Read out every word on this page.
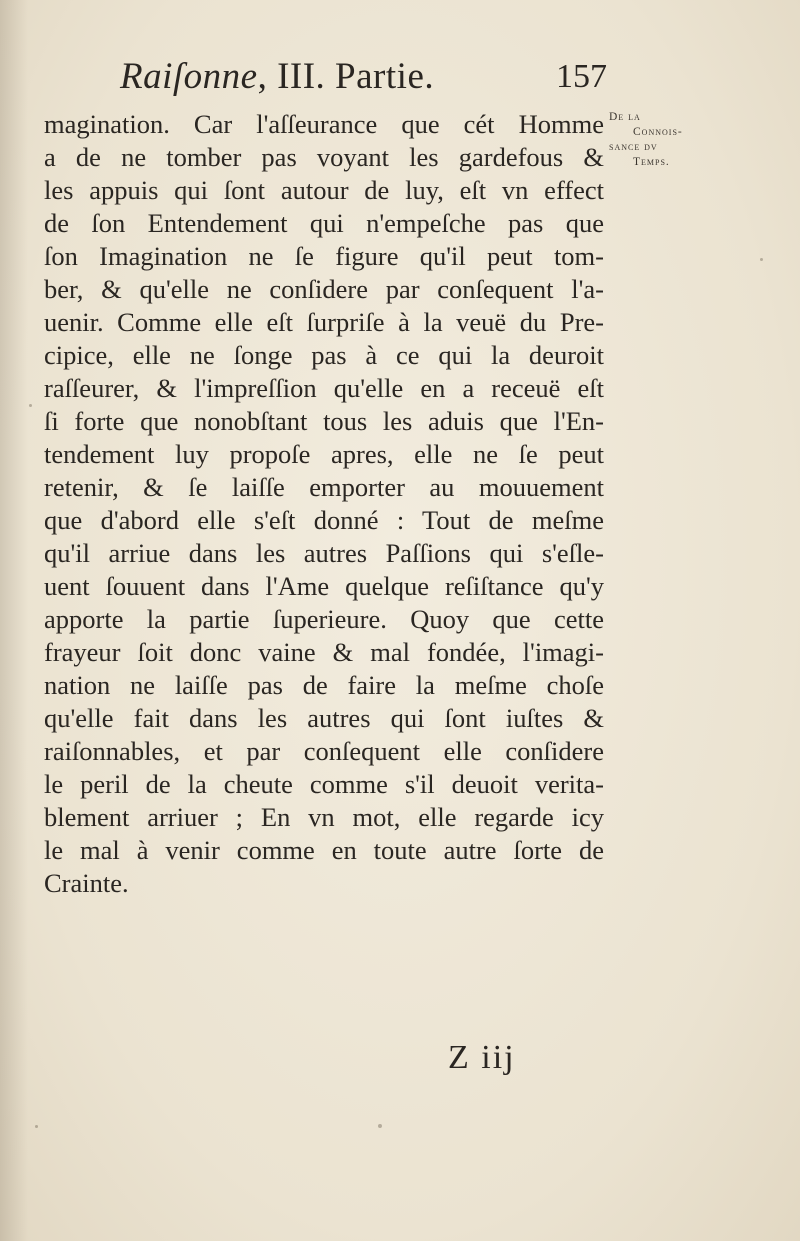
Raiſonne, III. Partie.	157
De la
Connois-
sance dv
Temps.
magination. Car l'aſſeurance que cét Homme
a de ne tomber pas voyant les gardefous &
les appuis qui ſont autour de luy, eſt vn effect
de ſon Entendement qui n'empeſche pas que
ſon Imagination ne ſe figure qu'il peut tom-
ber, & qu'elle ne conſidere par conſequent l'a-
uenir. Comme elle eſt ſurpriſe à la veuë du Pre-
cipice, elle ne ſonge pas à ce qui la deuroit
raſſeurer, & l'impreſſion qu'elle en a receuë eſt
ſi forte que nonobſtant tous les aduis que l'En-
tendement luy propoſe apres, elle ne ſe peut
retenir, & ſe laiſſe emporter au mouuement
que d'abord elle s'eſt donné : Tout de meſme
qu'il arriue dans les autres Paſſions qui s'eſle-
uent ſouuent dans l'Ame quelque reſiſtance qu'y
apporte la partie ſuperieure. Quoy que cette
frayeur ſoit donc vaine & mal fondée, l'imagi-
nation ne laiſſe pas de faire la meſme choſe
qu'elle fait dans les autres qui ſont iuſtes &
raiſonnables, et par conſequent elle conſidere
le peril de la cheute comme s'il deuoit verita-
blement arriuer ; En vn mot, elle regarde icy
le mal à venir comme en toute autre ſorte de
Crainte.
Z iij
